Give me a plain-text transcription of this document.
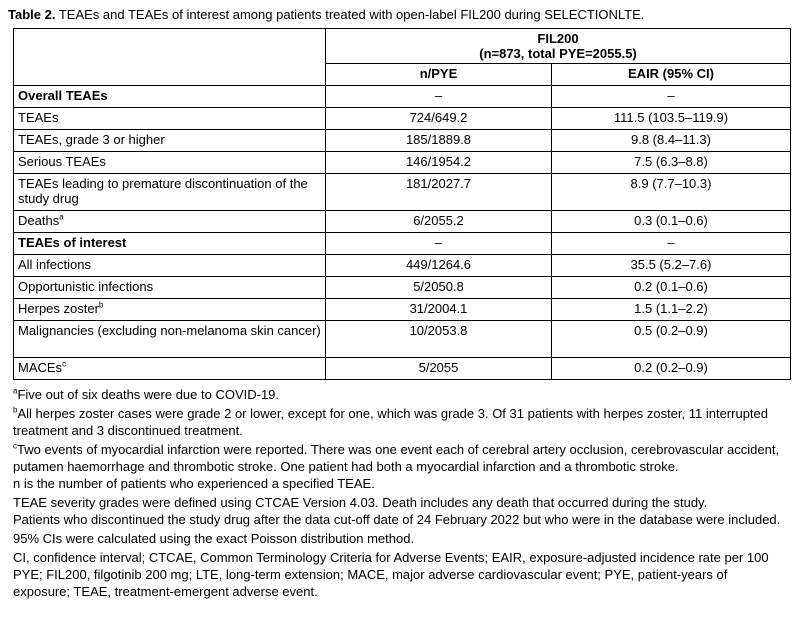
Table 2. TEAEs and TEAEs of interest among patients treated with open-label FIL200 during SELECTIONLTE.

	FIL200
(n=873, total PYE=2055.5)	

	n/PYE	EAIR (95% CI)
Overall TEAEs	–	–
TEAEs	724/649.2	111.5 (103.5–119.9)
TEAEs, grade 3 or higher	185/1889.8	9.8 (8.4–11.3)
Serious TEAEs	146/1954.2	7.5 (6.3–8.8)
TEAEs leading to premature discontinuation of the study drug	181/2027.7	8.9 (7.7–10.3)
Deaths$^a$	6/2055.2	0.3 (0.1–0.6)
TEAEs of interest	–	–
All infections	449/1264.6	35.5 (5.2–7.6)
Opportunistic infections	5/2050.8	0.2 (0.1–0.6)
Herpes zoster$^b$	31/2004.1	1.5 (1.1–2.2)
Malignancies (excluding non-melanoma skin cancer)	10/2053.8	0.5 (0.2–0.9)
MACEs$^c$	5/2055	0.2 (0.2–0.9)

$^a$Five out of six deaths were due to COVID-19.

$^b$All herpes zoster cases were grade 2 or lower, except for one, which was grade 3. Of 31 patients with herpes zoster, 11 interrupted treatment and 3 discontinued treatment.

$^c$Two events of myocardial infarction were reported. There was one event each of cerebral artery occlusion, cerebrovascular accident, putamen haemorrhage and thrombotic stroke. One patient had both a myocardial infarction and a thrombotic stroke.

n is the number of patients who experienced a specified TEAE.

TEAE severity grades were defined using CTCAE Version 4.03. Death includes any death that occurred during the study.

Patients who discontinued the study drug after the data cut-off date of 24 February 2022 but who were in the database were included.

95% CIs were calculated using the exact Poisson distribution method.

CI, confidence interval; CTCAE, Common Terminology Criteria for Adverse Events; EAIR, exposure-adjusted incidence rate per 100 PYE; FIL200, filgotinib 200 mg; LTE, long-term extension; MACE, major adverse cardiovascular event; PYE, patient-years of exposure; TEAE, treatment-emergent adverse event.
